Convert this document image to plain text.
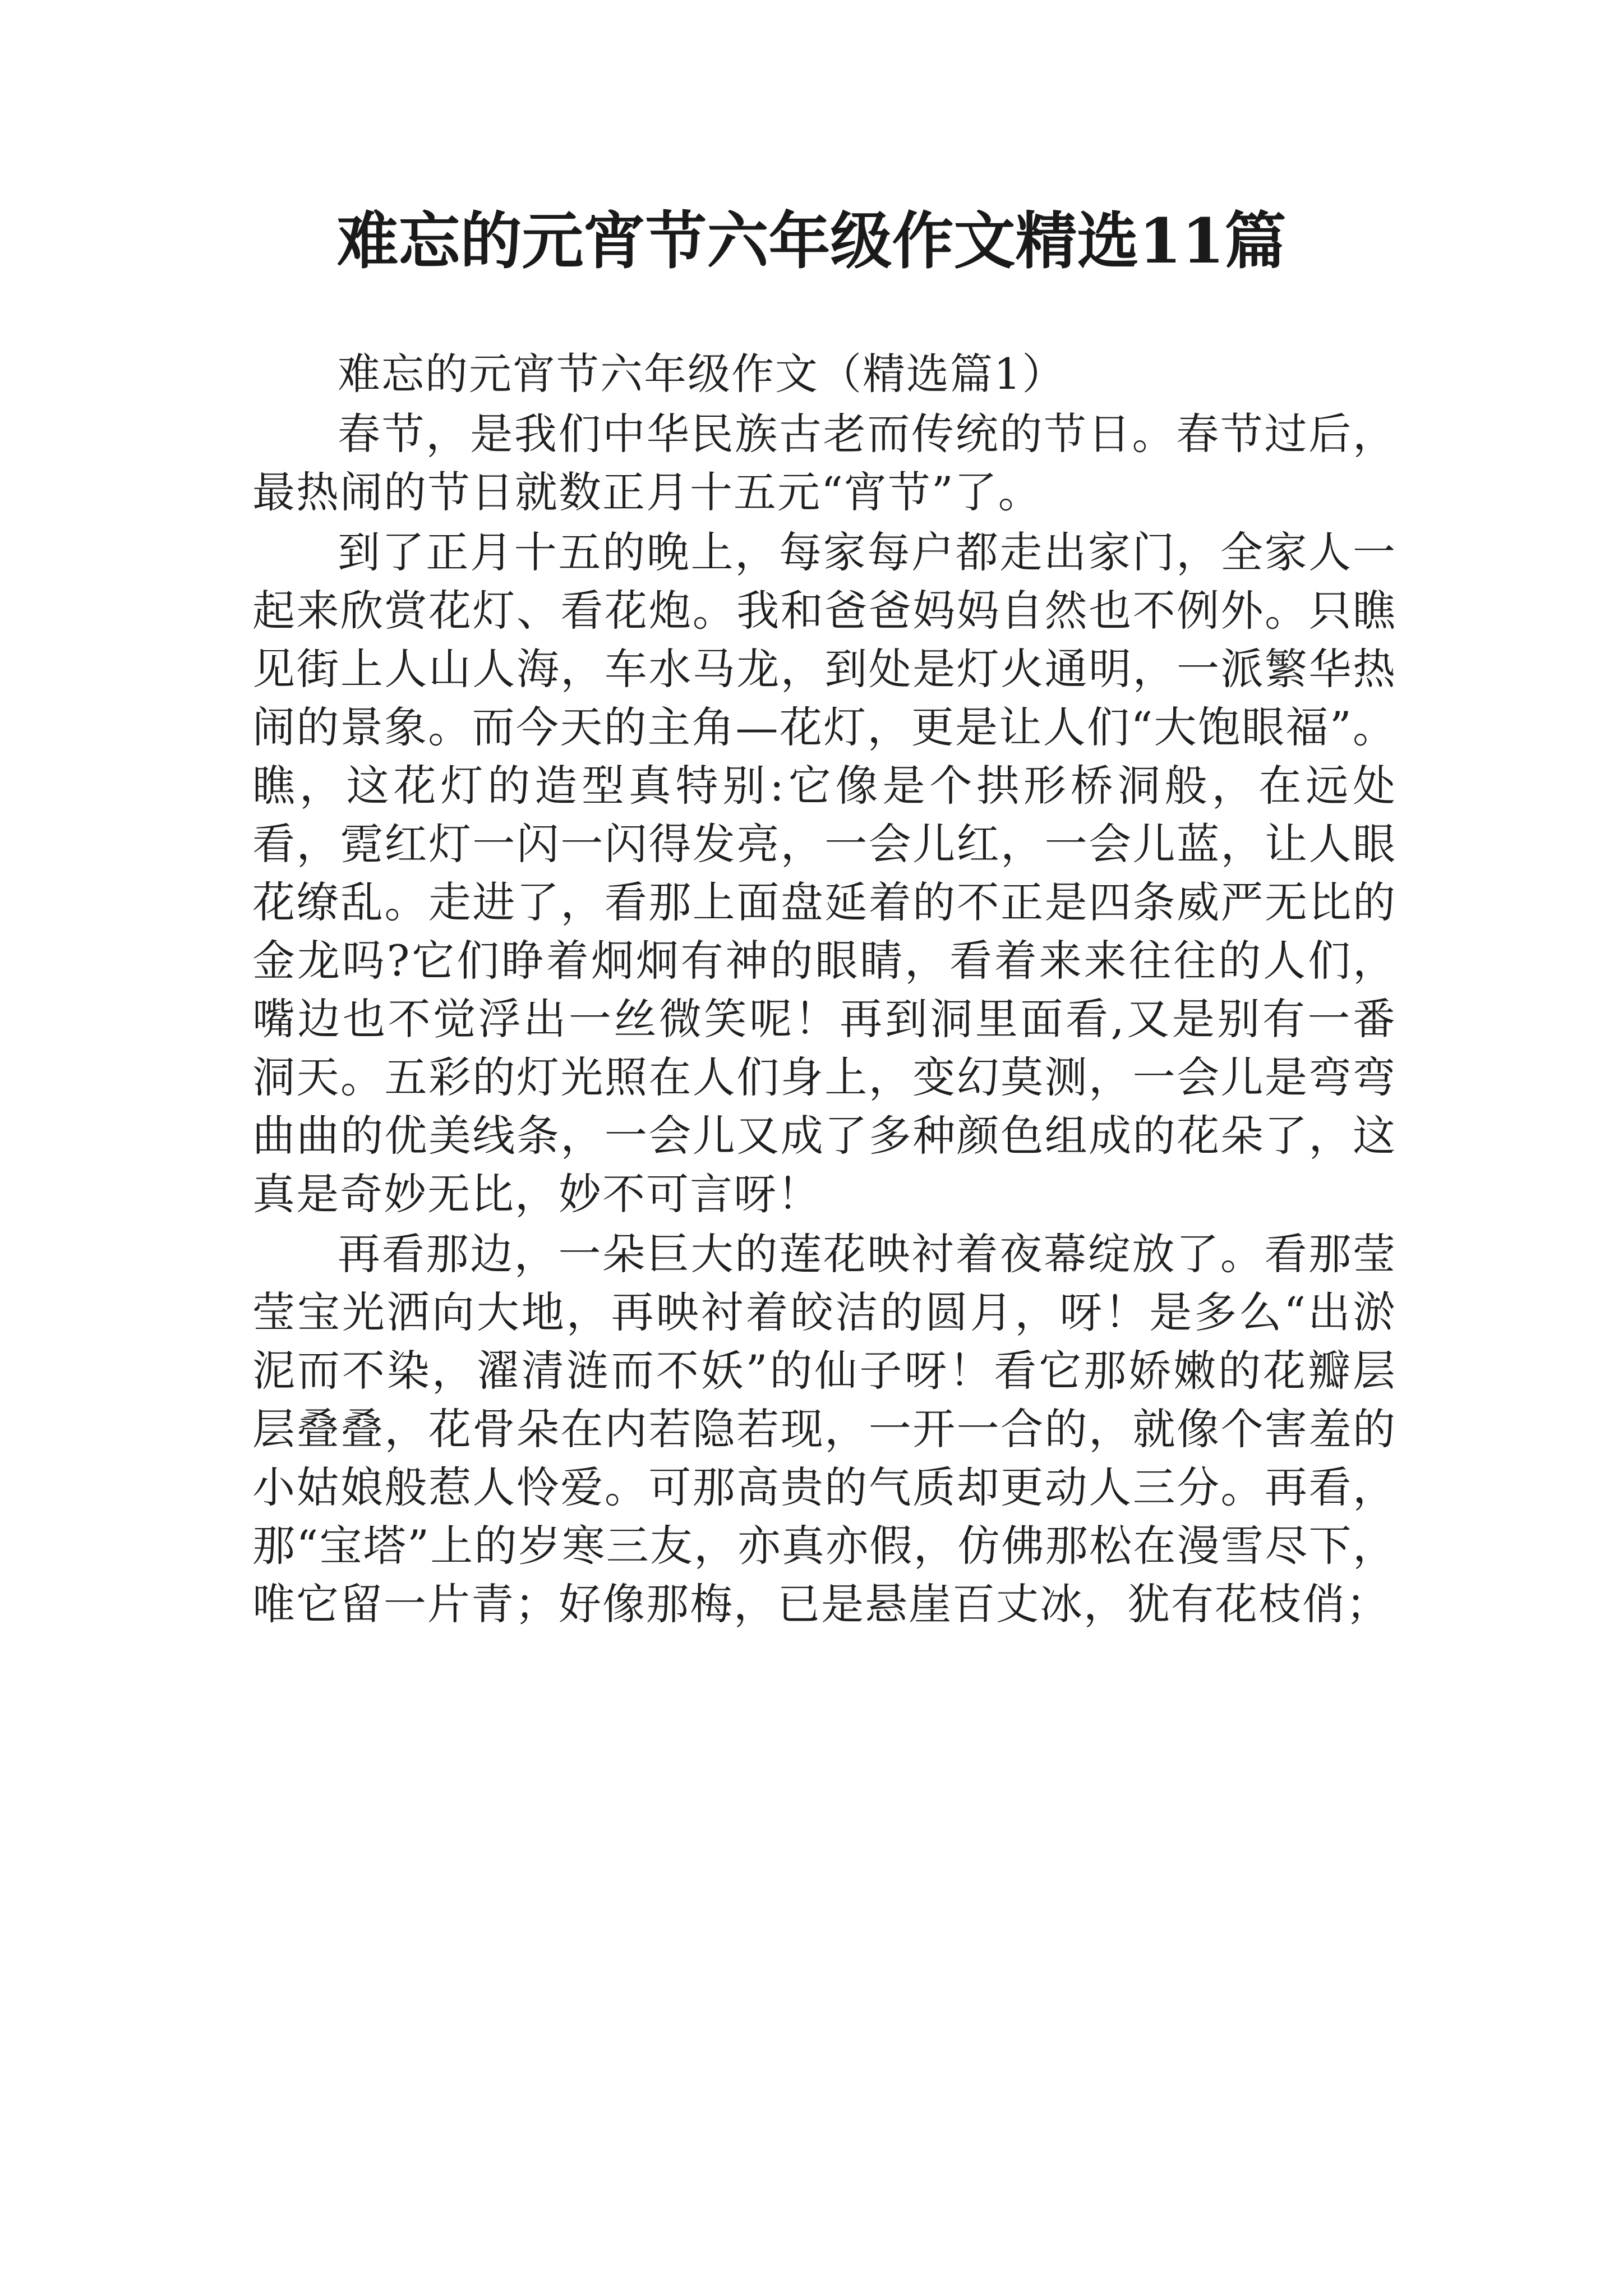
难忘的元宵节六年级作文精选11篇

难忘的元宵节六年级作文（精选篇1）

春节，是我们中华民族古老而传统的节日。春节过后，最热闹的节日就数正月十五元“宵节”了。

到了正月十五的晚上，每家每户都走出家门，全家人一起来欣赏花灯、看花炮。我和爸爸妈妈自然也不例外。只瞧见街上人山人海，车水马龙，到处是灯火通明，一派繁华热闹的景象。而今天的主角—花灯，更是让人们“大饱眼福”。瞧，这花灯的造型真特别:它像是个拱形桥洞般，在远处看，霓红灯一闪一闪得发亮，一会儿红，一会儿蓝，让人眼花缭乱。走进了，看那上面盘延着的不正是四条威严无比的金龙吗?它们睁着炯炯有神的眼睛，看着来来往往的人们，嘴边也不觉浮出一丝微笑呢！再到洞里面看,又是别有一番洞天。五彩的灯光照在人们身上，变幻莫测，一会儿是弯弯曲曲的优美线条，一会儿又成了多种颜色组成的花朵了，这真是奇妙无比，妙不可言呀！

再看那边，一朵巨大的莲花映衬着夜幕绽放了。看那莹莹宝光洒向大地，再映衬着皎洁的圆月，呀！是多么“出淤泥而不染，濯清涟而不妖”的仙子呀！看它那娇嫩的花瓣层层叠叠，花骨朵在内若隐若现，一开一合的，就像个害羞的小姑娘般惹人怜爱。可那高贵的气质却更动人三分。再看，那“宝塔”上的岁寒三友，亦真亦假，仿佛那松在漫雪尽下，唯它留一片青；好像那梅，已是悬崖百丈冰，犹有花枝俏；
